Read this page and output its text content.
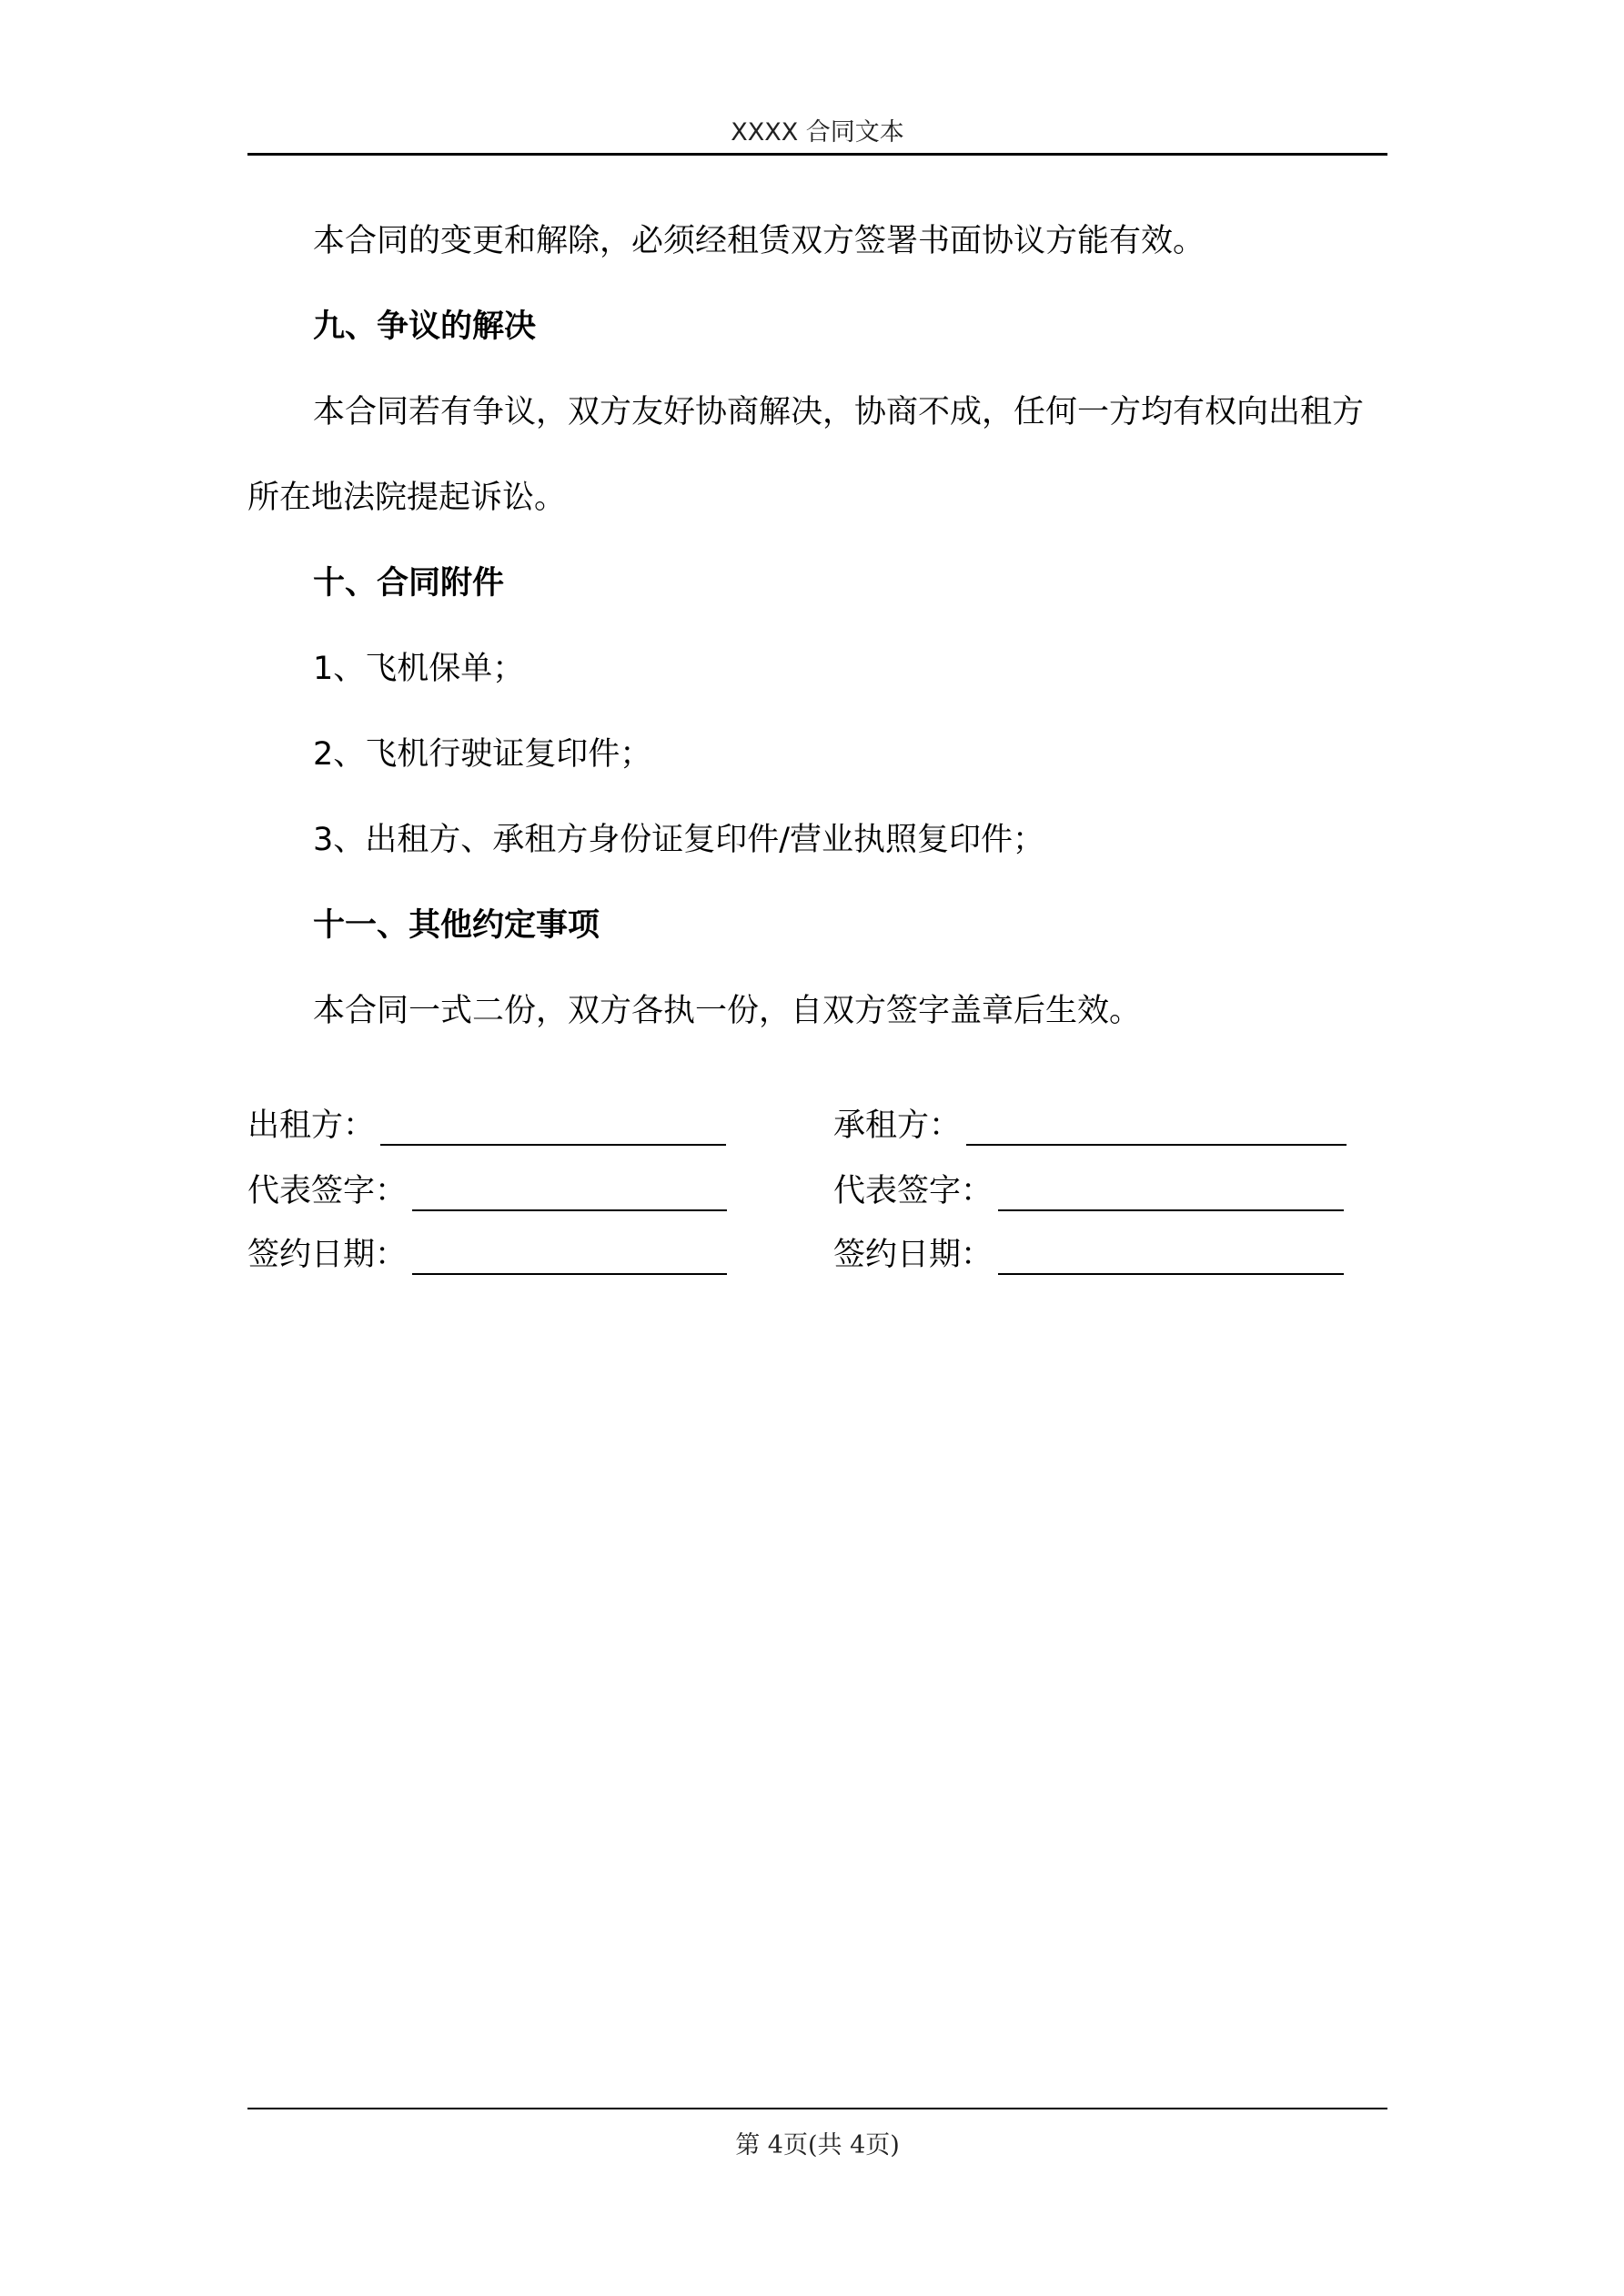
XXXX 合同文本
本合同的变更和解除，必须经租赁双方签署书面协议方能有效。
九、争议的解决
本合同若有争议，双方友好协商解决，协商不成，任何一方均有权向出租方所在地法院提起诉讼。
十、合同附件
1、飞机保单；
2、飞机行驶证复印件；
3、出租方、承租方身份证复印件/营业执照复印件；
十一、其他约定事项
本合同一式二份，双方各执一份，自双方签字盖章后生效。
出租方：
代表签字：
签约日期：
承租方：
代表签字：
签约日期：
第 4页(共 4页)
